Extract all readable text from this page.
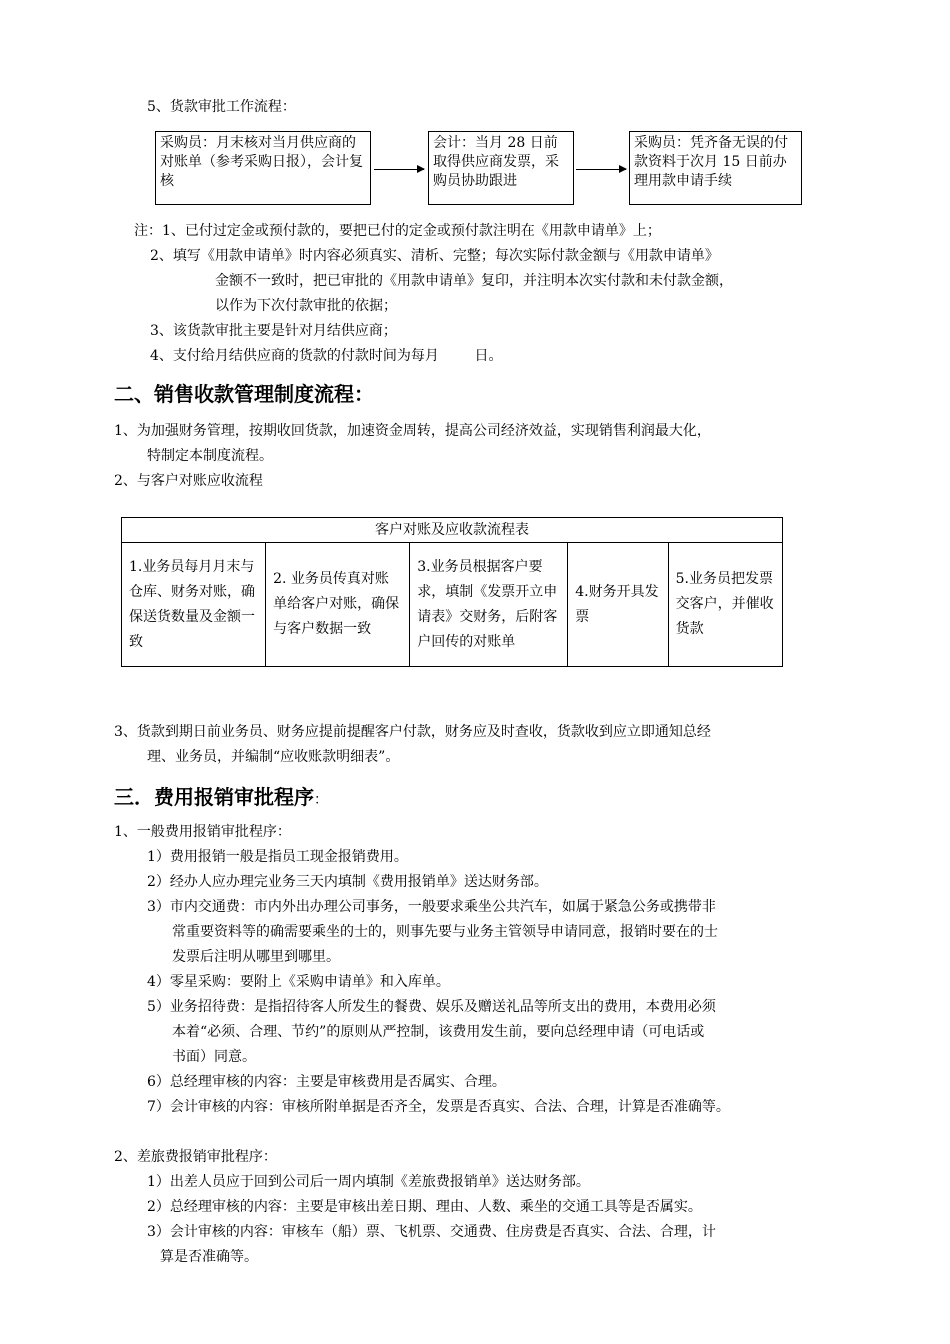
5、货款审批工作流程：
采购员：月末核对当月供应商的对账单（参考采购日报），会计复核
会计：当月 28 日前取得供应商发票，采购员协助跟进
采购员：凭齐备无误的付款资料于次月 15 日前办理用款申请手续
注：1、已付过定金或预付款的，要把已付的定金或预付款注明在《用款申请单》上；
2、填写《用款申请单》时内容必须真实、清析、完整；每次实际付款金额与《用款申请单》
金额不一致时，把已审批的《用款申请单》复印，并注明本次实付款和未付款金额，
以作为下次付款审批的依据；
3、该货款审批主要是针对月结供应商；
4、支付给月结供应商的货款的付款时间为每月        日。
二、销售收款管理制度流程：
1、为加强财务管理，按期收回货款，加速资金周转，提高公司经济效益，实现销售利润最大化，
特制定本制度流程。
2、与客户对账应收流程
客户对账及应收款流程表
1.业务员每月月末与仓库、财务对账，确保送货数量及金额一致	2. 业务员传真对账单给客户对账，确保与客户数据一致	3.业务员根据客户要求，填制《发票开立申请表》交财务，后附客户回传的对账单	4.财务开具发票	5.业务员把发票交客户，并催收货款
3、货款到期日前业务员、财务应提前提醒客户付款，财务应及时查收，货款收到应立即通知总经
理、业务员，并编制“应收账款明细表”。
三．费用报销审批程序：
1、一般费用报销审批程序：
1）费用报销一般是指员工现金报销费用。
2）经办人应办理完业务三天内填制《费用报销单》送达财务部。
3）市内交通费：市内外出办理公司事务，一般要求乘坐公共汽车，如属于紧急公务或携带非
常重要资料等的确需要乘坐的士的，则事先要与业务主管领导申请同意，报销时要在的士
发票后注明从哪里到哪里。
4）零星采购：要附上《采购申请单》和入库单。
5）业务招待费：是指招待客人所发生的餐费、娱乐及赠送礼品等所支出的费用，本费用必须
本着“必须、合理、节约”的原则从严控制，该费用发生前，要向总经理申请（可电话或
书面）同意。
6）总经理审核的内容：主要是审核费用是否属实、合理。
7）会计审核的内容：审核所附单据是否齐全，发票是否真实、合法、合理，计算是否准确等。
2、差旅费报销审批程序：
1）出差人员应于回到公司后一周内填制《差旅费报销单》送达财务部。
2）总经理审核的内容：主要是审核出差日期、理由、人数、乘坐的交通工具等是否属实。
3）会计审核的内容：审核车（船）票、飞机票、交通费、住房费是否真实、合法、合理，计
算是否准确等。
